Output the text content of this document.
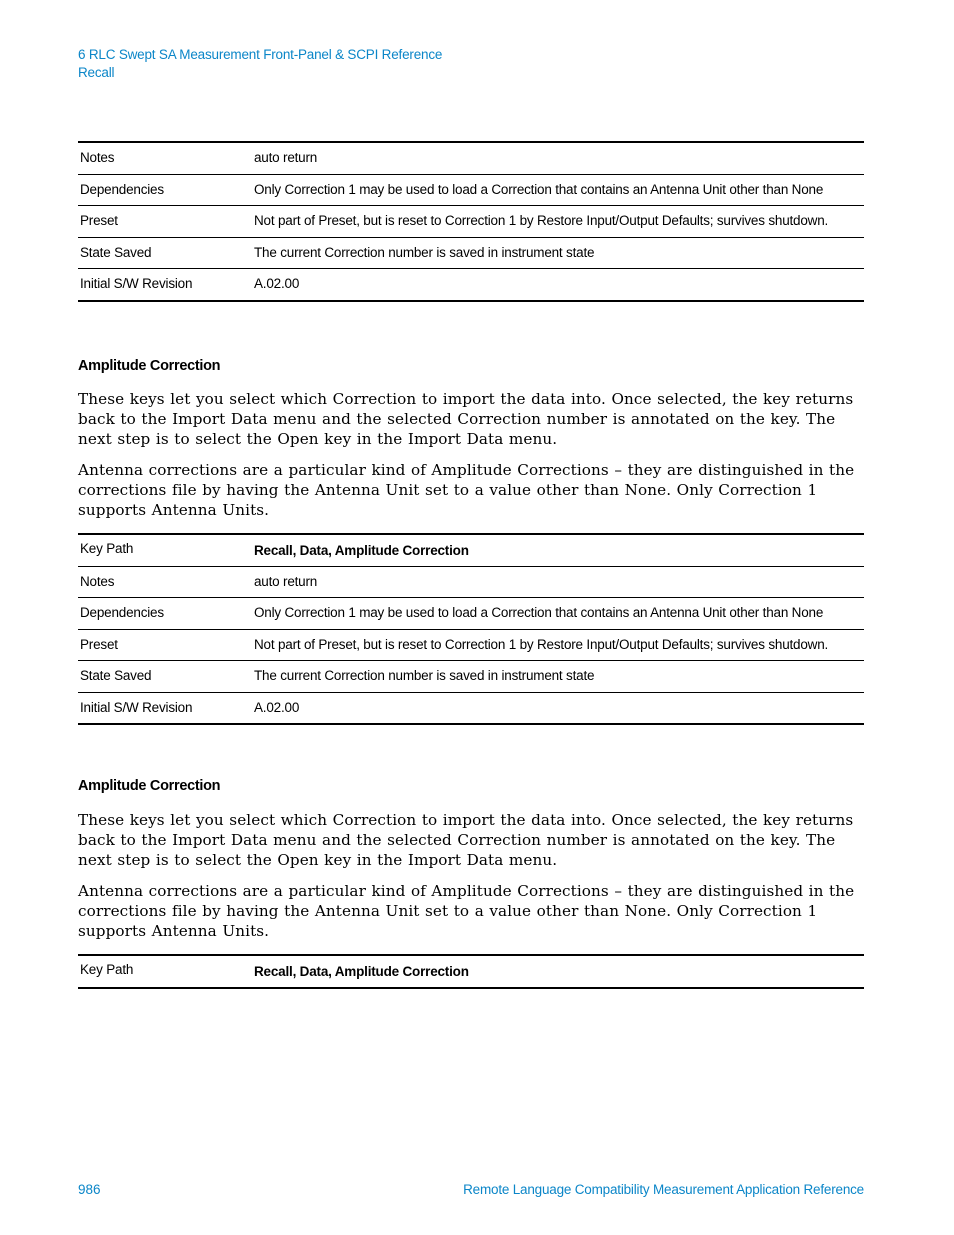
6 RLC Swept SA Measurement Front-Panel & SCPI Reference
Recall
Notes	auto return
Dependencies	Only Correction 1 may be used to load a Correction that contains an Antenna Unit other than None
Preset	Not part of Preset, but is reset to Correction 1 by Restore Input/Output Defaults; survives shutdown.
State Saved	The current Correction number is saved in instrument state
Initial S/W Revision	A.02.00
Amplitude Correction

These keys let you select which Correction to import the data into. Once selected, the key returns back to the Import Data menu and the selected Correction number is annotated on the key. The next step is to select the Open key in the Import Data menu.

Antenna corrections are a particular kind of Amplitude Corrections – they are distinguished in the corrections file by having the Antenna Unit set to a value other than None. Only Correction 1 supports Antenna Units.

Key Path	Recall, Data, Amplitude Correction
Notes	auto return
Dependencies	Only Correction 1 may be used to load a Correction that contains an Antenna Unit other than None
Preset	Not part of Preset, but is reset to Correction 1 by Restore Input/Output Defaults; survives shutdown.
State Saved	The current Correction number is saved in instrument state
Initial S/W Revision	A.02.00
Amplitude Correction

These keys let you select which Correction to import the data into. Once selected, the key returns back to the Import Data menu and the selected Correction number is annotated on the key. The next step is to select the Open key in the Import Data menu.

Antenna corrections are a particular kind of Amplitude Corrections – they are distinguished in the corrections file by having the Antenna Unit set to a value other than None. Only Correction 1 supports Antenna Units.

Key Path	Recall, Data, Amplitude Correction
986	Remote Language Compatibility Measurement Application Reference
